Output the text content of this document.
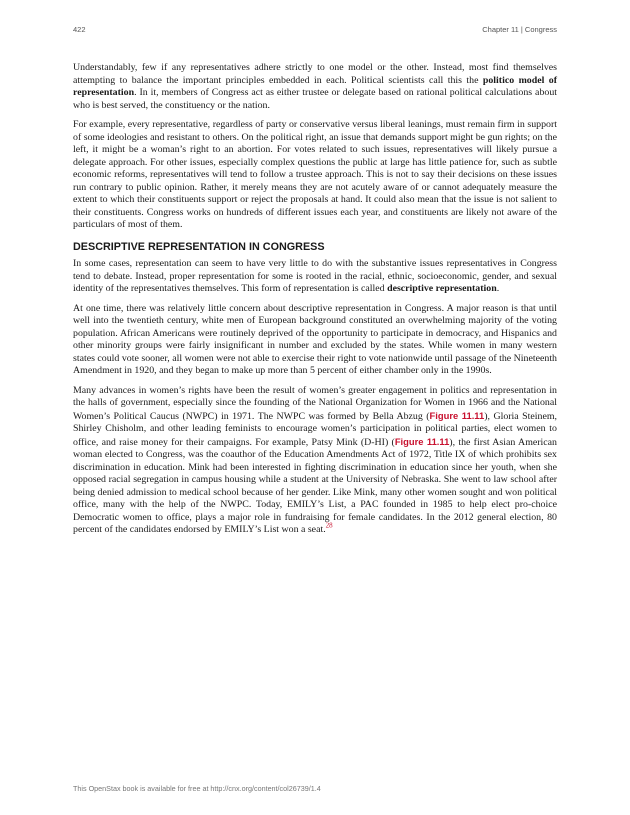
422	Chapter 11 | Congress

Understandably, few if any representatives adhere strictly to one model or the other. Instead, most find themselves attempting to balance the important principles embedded in each. Political scientists call this the politico model of representation. In it, members of Congress act as either trustee or delegate based on rational political calculations about who is best served, the constituency or the nation.

For example, every representative, regardless of party or conservative versus liberal leanings, must remain firm in support of some ideologies and resistant to others. On the political right, an issue that demands support might be gun rights; on the left, it might be a woman’s right to an abortion. For votes related to such issues, representatives will likely pursue a delegate approach. For other issues, especially complex questions the public at large has little patience for, such as subtle economic reforms, representatives will tend to follow a trustee approach. This is not to say their decisions on these issues run contrary to public opinion. Rather, it merely means they are not acutely aware of or cannot adequately measure the extent to which their constituents support or reject the proposals at hand. It could also mean that the issue is not salient to their constituents. Congress works on hundreds of different issues each year, and constituents are likely not aware of the particulars of most of them.

DESCRIPTIVE REPRESENTATION IN CONGRESS

In some cases, representation can seem to have very little to do with the substantive issues representatives in Congress tend to debate. Instead, proper representation for some is rooted in the racial, ethnic, socioeconomic, gender, and sexual identity of the representatives themselves. This form of representation is called descriptive representation.

At one time, there was relatively little concern about descriptive representation in Congress. A major reason is that until well into the twentieth century, white men of European background constituted an overwhelming majority of the voting population. African Americans were routinely deprived of the opportunity to participate in democracy, and Hispanics and other minority groups were fairly insignificant in number and excluded by the states. While women in many western states could vote sooner, all women were not able to exercise their right to vote nationwide until passage of the Nineteenth Amendment in 1920, and they began to make up more than 5 percent of either chamber only in the 1990s.

Many advances in women’s rights have been the result of women’s greater engagement in politics and representation in the halls of government, especially since the founding of the National Organization for Women in 1966 and the National Women’s Political Caucus (NWPC) in 1971. The NWPC was formed by Bella Abzug (Figure 11.11), Gloria Steinem, Shirley Chisholm, and other leading feminists to encourage women’s participation in political parties, elect women to office, and raise money for their campaigns. For example, Patsy Mink (D-HI) (Figure 11.11), the first Asian American woman elected to Congress, was the coauthor of the Education Amendments Act of 1972, Title IX of which prohibits sex discrimination in education. Mink had been interested in fighting discrimination in education since her youth, when she opposed racial segregation in campus housing while a student at the University of Nebraska. She went to law school after being denied admission to medical school because of her gender. Like Mink, many other women sought and won political office, many with the help of the NWPC. Today, EMILY’s List, a PAC founded in 1985 to help elect pro-choice Democratic women to office, plays a major role in fundraising for female candidates. In the 2012 general election, 80 percent of the candidates endorsed by EMILY’s List won a seat.$^{28}$

This OpenStax book is available for free at http://cnx.org/content/col26739/1.4
